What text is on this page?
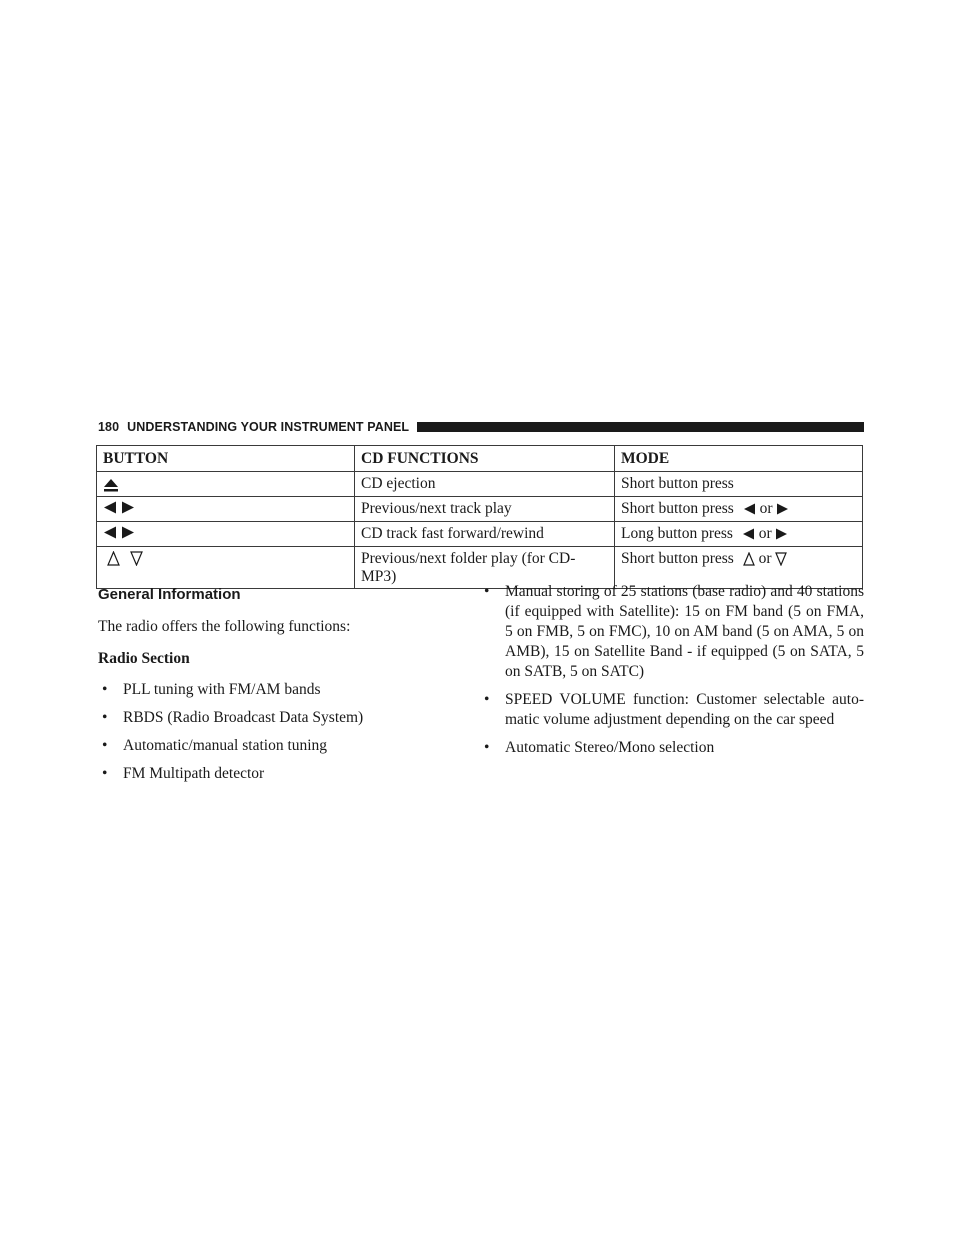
180 UNDERSTANDING YOUR INSTRUMENT PANEL
BUTTON	CD FUNCTIONS	MODE

	CD ejection	Short button press

	Previous/next track play	Short button press or

	CD track fast forward/rewind	Long button press or

	Previous/next folder play (for CD-MP3)	Short button press or
General Information

The radio offers the following functions:

Radio Section

• PLL tuning with FM/AM bands
• RBDS (Radio Broadcast Data System)
• Automatic/manual station tuning
• FM Multipath detector
• Manual storing of 25 stations (base radio) and 40 stations (if equipped with Satellite): 15 on FM band (5 on FMA, 5 on FMB, 5 on FMC), 10 on AM band (5 on AMA, 5 on AMB), 15 on Satellite Band - if equipped (5 on SATA, 5 on SATB, 5 on SATC)
• SPEED VOLUME function: Customer selectable auto-matic volume adjustment depending on the car speed
• Automatic Stereo/Mono selection
